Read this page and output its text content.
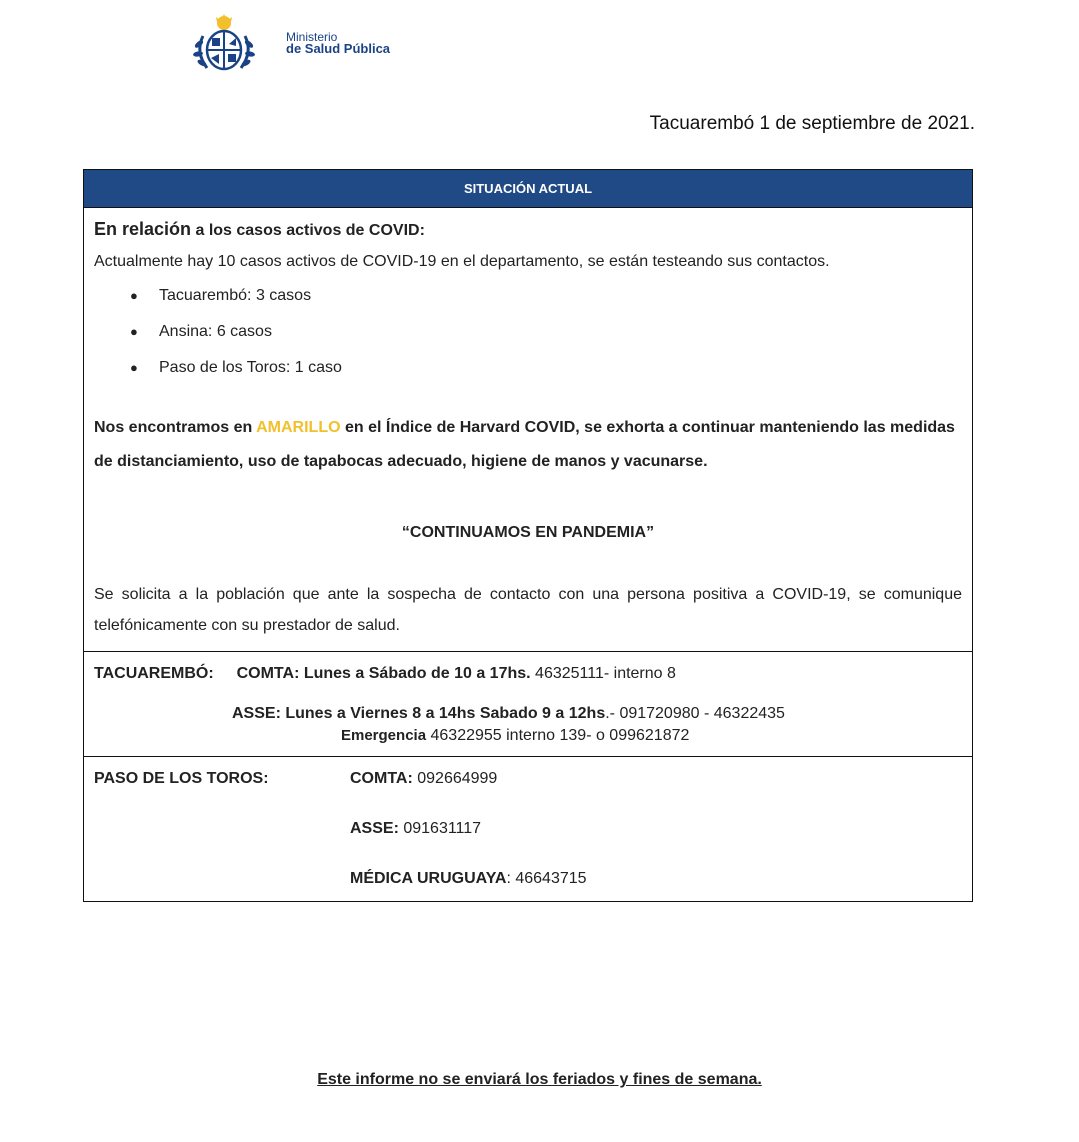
Ministerio
de Salud Pública
Tacuarembó 1 de septiembre de 2021.
SITUACIÓN ACTUAL
En relación a los casos activos de COVID:
Actualmente hay 10 casos activos de COVID-19 en el departamento, se están testeando sus contactos.
● Tacuarembó: 3 casos
● Ansina: 6 casos
● Paso de los Toros: 1 caso
Nos encontramos en AMARILLO en el Índice de Harvard COVID, se exhorta a continuar manteniendo las medidas de distanciamiento, uso de tapabocas adecuado, higiene de manos y vacunarse.
“CONTINUAMOS EN PANDEMIA”
Se solicita a la población que ante la sospecha de contacto con una persona positiva a COVID-19, se comunique telefónicamente con su prestador de salud.
TACUAREMBÓ: COMTA: Lunes a Sábado de 10 a 17hs. 46325111- interno 8
ASSE: Lunes a Viernes 8 a 14hs Sabado 9 a 12hs.- 091720980 - 46322435
Emergencia 46322955 interno 139- o 099621872
PASO DE LOS TOROS:	COMTA: 092664999
ASSE: 091631117
MÉDICA URUGUAYA: 46643715
Este informe no se enviará los feriados y fines de semana.
